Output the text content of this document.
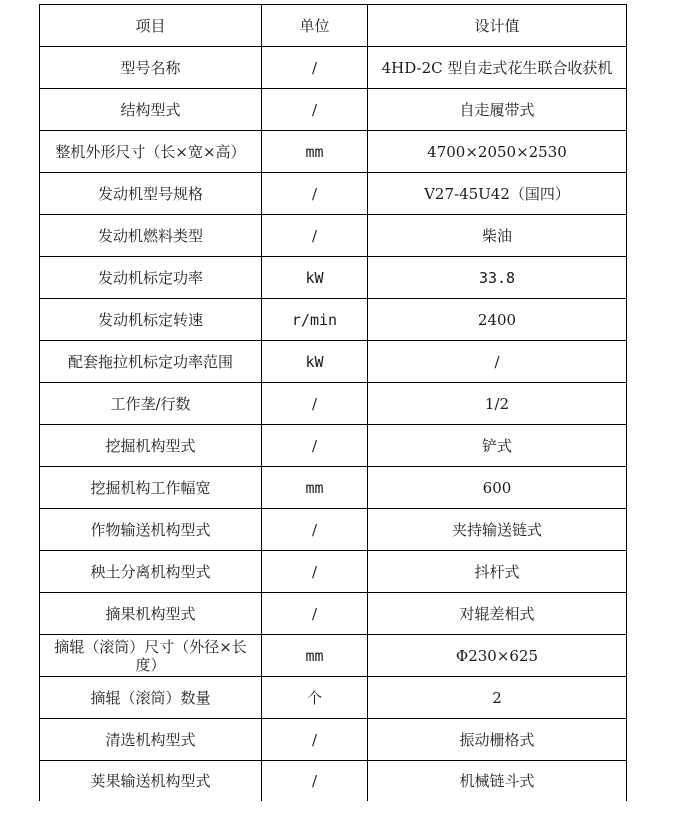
项目	单位	设计值
型号名称	/	4HD-2C 型自走式花生联合收获机
结构型式	/	自走履带式
整机外形尺寸（长×宽×高）	mm	4700×2050×2530
发动机型号规格	/	V27-45U42（国四）
发动机燃料类型	/	柴油
发动机标定功率	kW	33.8
发动机标定转速	r/min	2400
配套拖拉机标定功率范围	kW	/
工作垄/行数	/	1/2
挖掘机构型式	/	铲式
挖掘机构工作幅宽	mm	600
作物输送机构型式	/	夹持输送链式
秧土分离机构型式	/	抖杆式
摘果机构型式	/	对辊差相式
摘辊（滚筒）尺寸（外径×长度）	mm	Φ230×625
摘辊（滚筒）数量	个	2
清选机构型式	/	振动栅格式
荚果输送机构型式	/	机械链斗式
